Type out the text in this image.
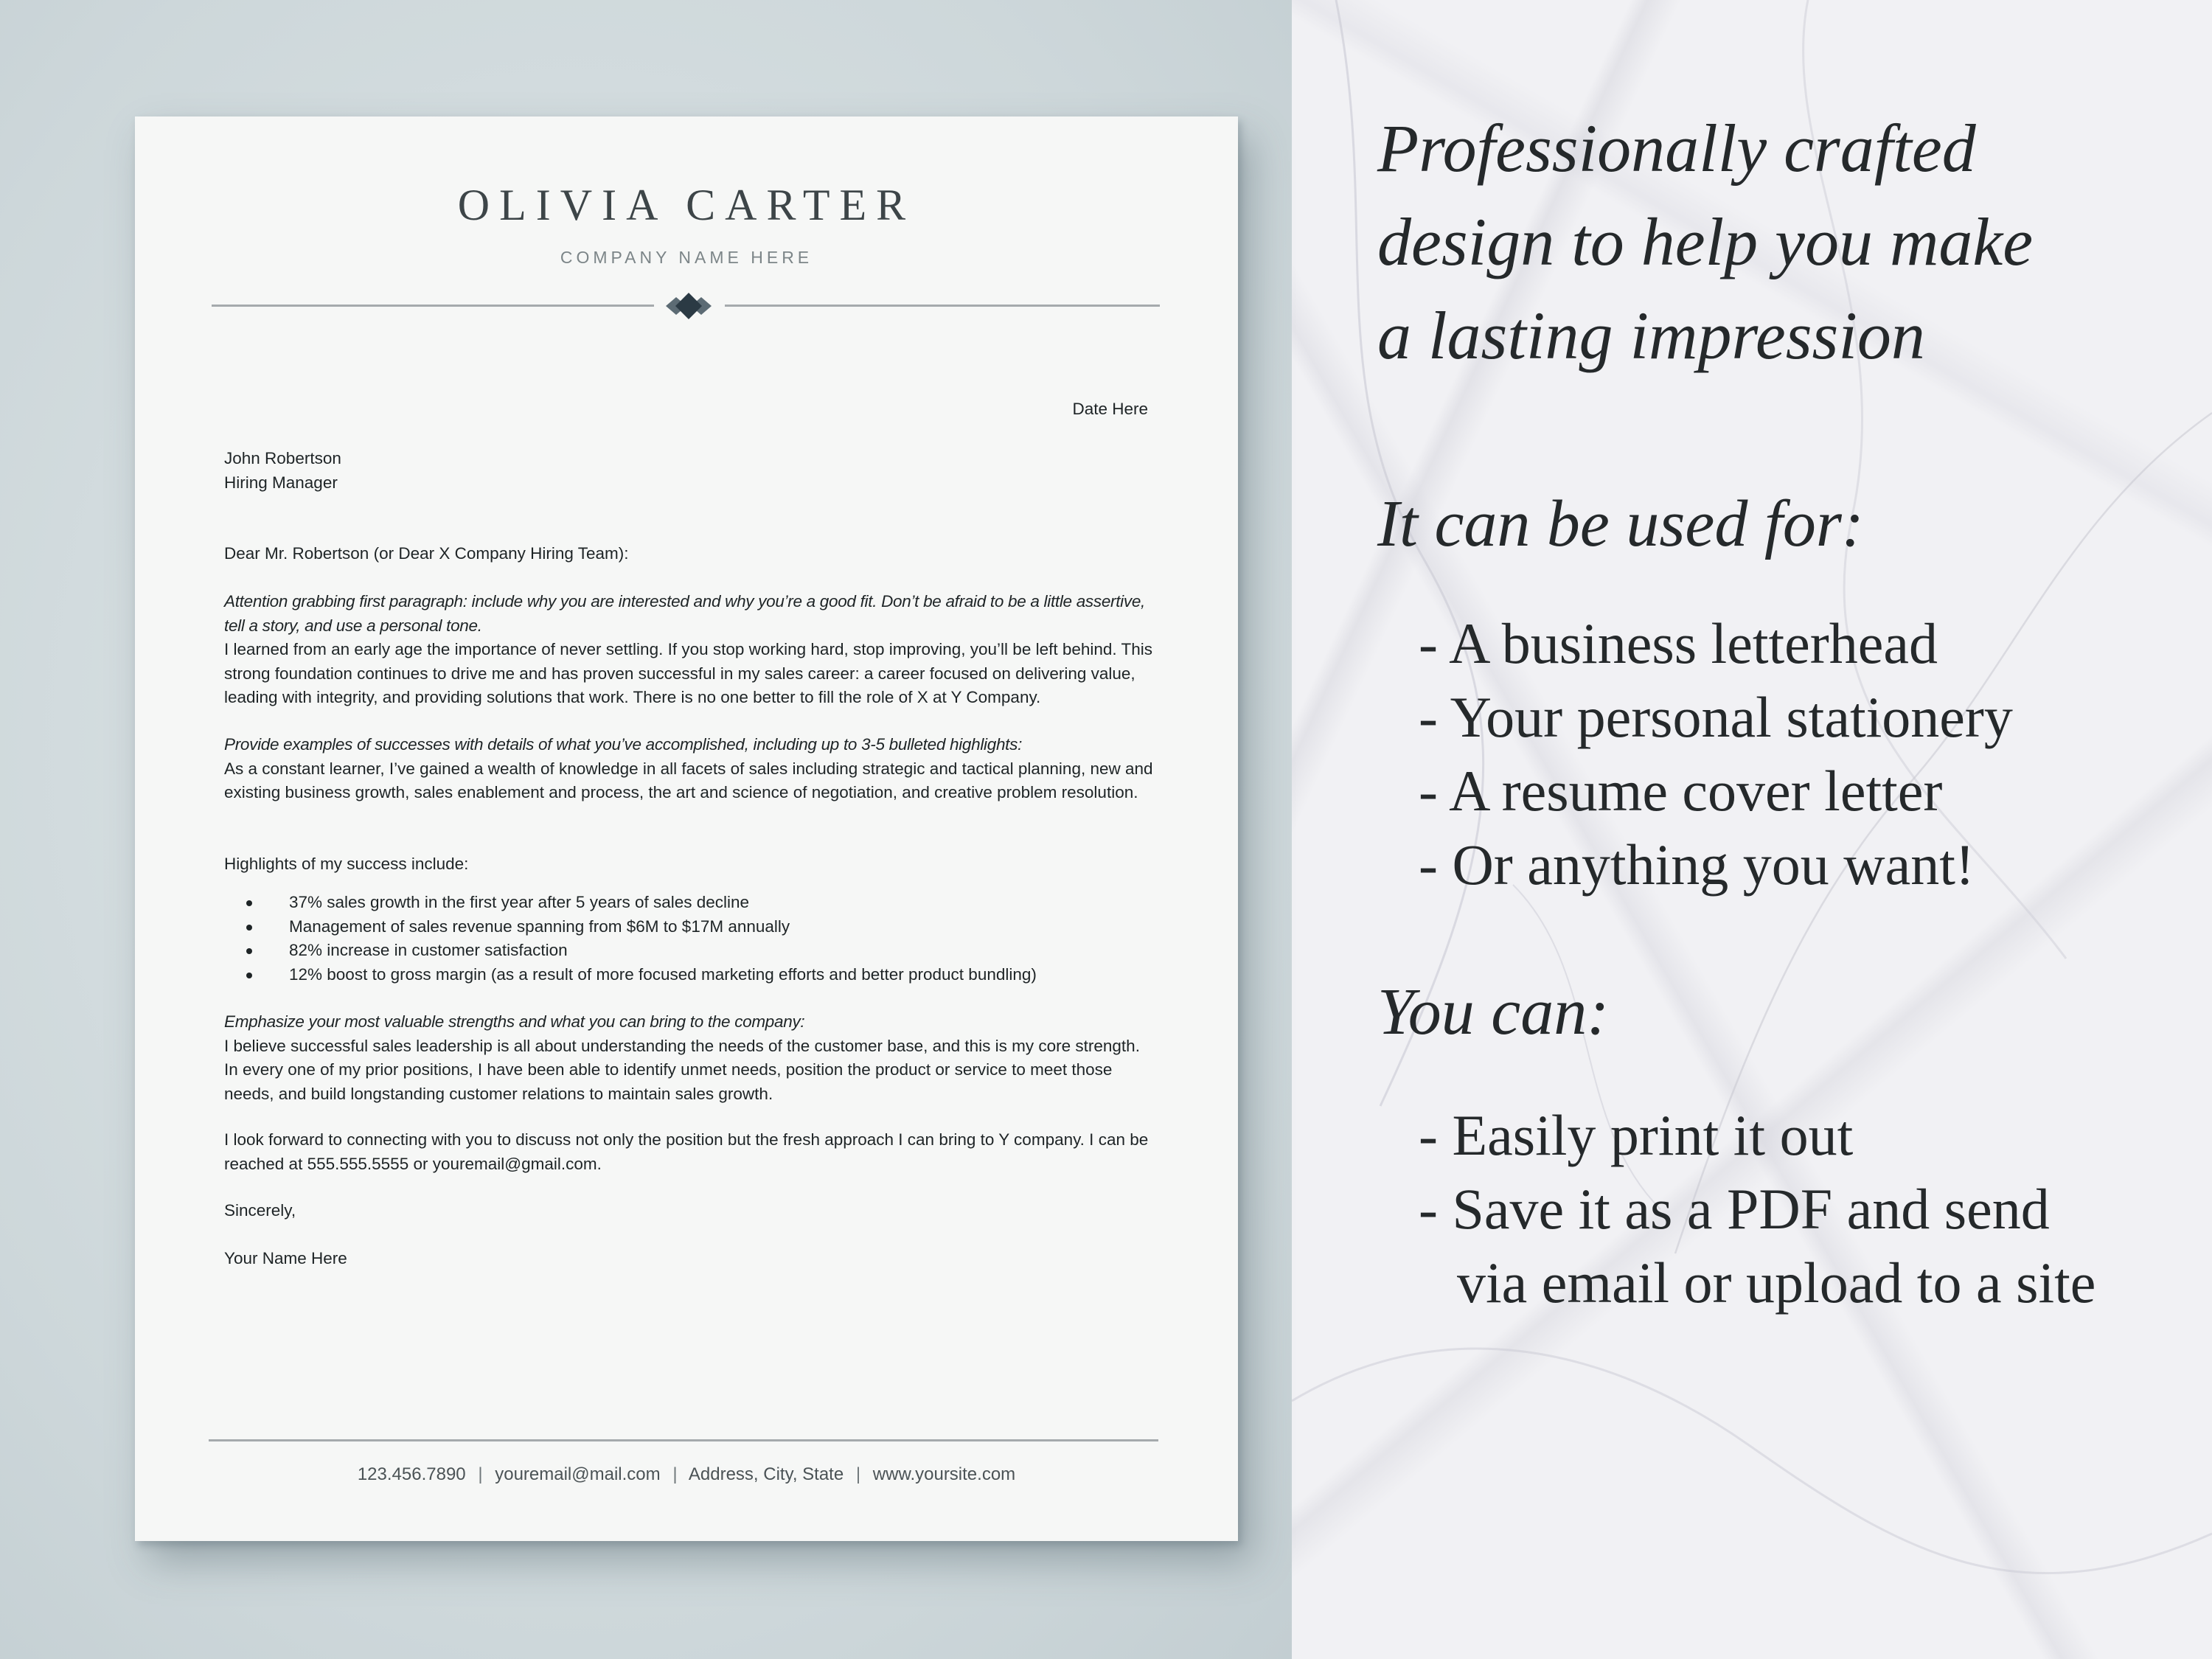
OLIVIA CARTER
COMPANY NAME HERE
Date Here

John Robertson

Hiring Manager

Dear Mr. Robertson (or Dear X Company Hiring Team):

Attention grabbing first paragraph: include why you are interested and why you’re a good fit. Don’t be afraid to be a little assertive, tell a story, and use a personal tone.

I learned from an early age the importance of never settling. If you stop working hard, stop improving, you’ll be left behind. This strong foundation continues to drive me and has proven successful in my sales career: a career focused on delivering value, leading with integrity, and providing solutions that work. There is no one better to fill the role of X at Y Company.

Provide examples of successes with details of what you’ve accomplished, including up to 3-5 bulleted highlights:

As a constant learner, I’ve gained a wealth of knowledge in all facets of sales including strategic and tactical planning, new and existing business growth, sales enablement and process, the art and science of negotiation, and creative problem resolution.

Highlights of my success include:

37% sales growth in the first year after 5 years of sales decline
Management of sales revenue spanning from $6M to $17M annually
82% increase in customer satisfaction
12% boost to gross margin (as a result of more focused marketing efforts and better product bundling)

Emphasize your most valuable strengths and what you can bring to the company:

I believe successful sales leadership is all about understanding the needs of the customer base, and this is my core strength. In every one of my prior positions, I have been able to identify unmet needs, position the product or service to meet those needs, and build longstanding customer relations to maintain sales growth.

I look forward to connecting with you to discuss not only the position but the fresh approach I can bring to Y company. I can be reached at 555.555.5555 or youremail@gmail.com.

Sincerely,

Your Name Here

123.456.7890 | youremail@mail.com | Address, City, State | www.yoursite.com
Professionally crafted
design to help you make
a lasting impression
It can be used for:
- A business letterhead
- Your personal stationery
- A resume cover letter
- Or anything you want!
You can:
- Easily print it out
- Save it as a PDF and send
via email or upload to a site
